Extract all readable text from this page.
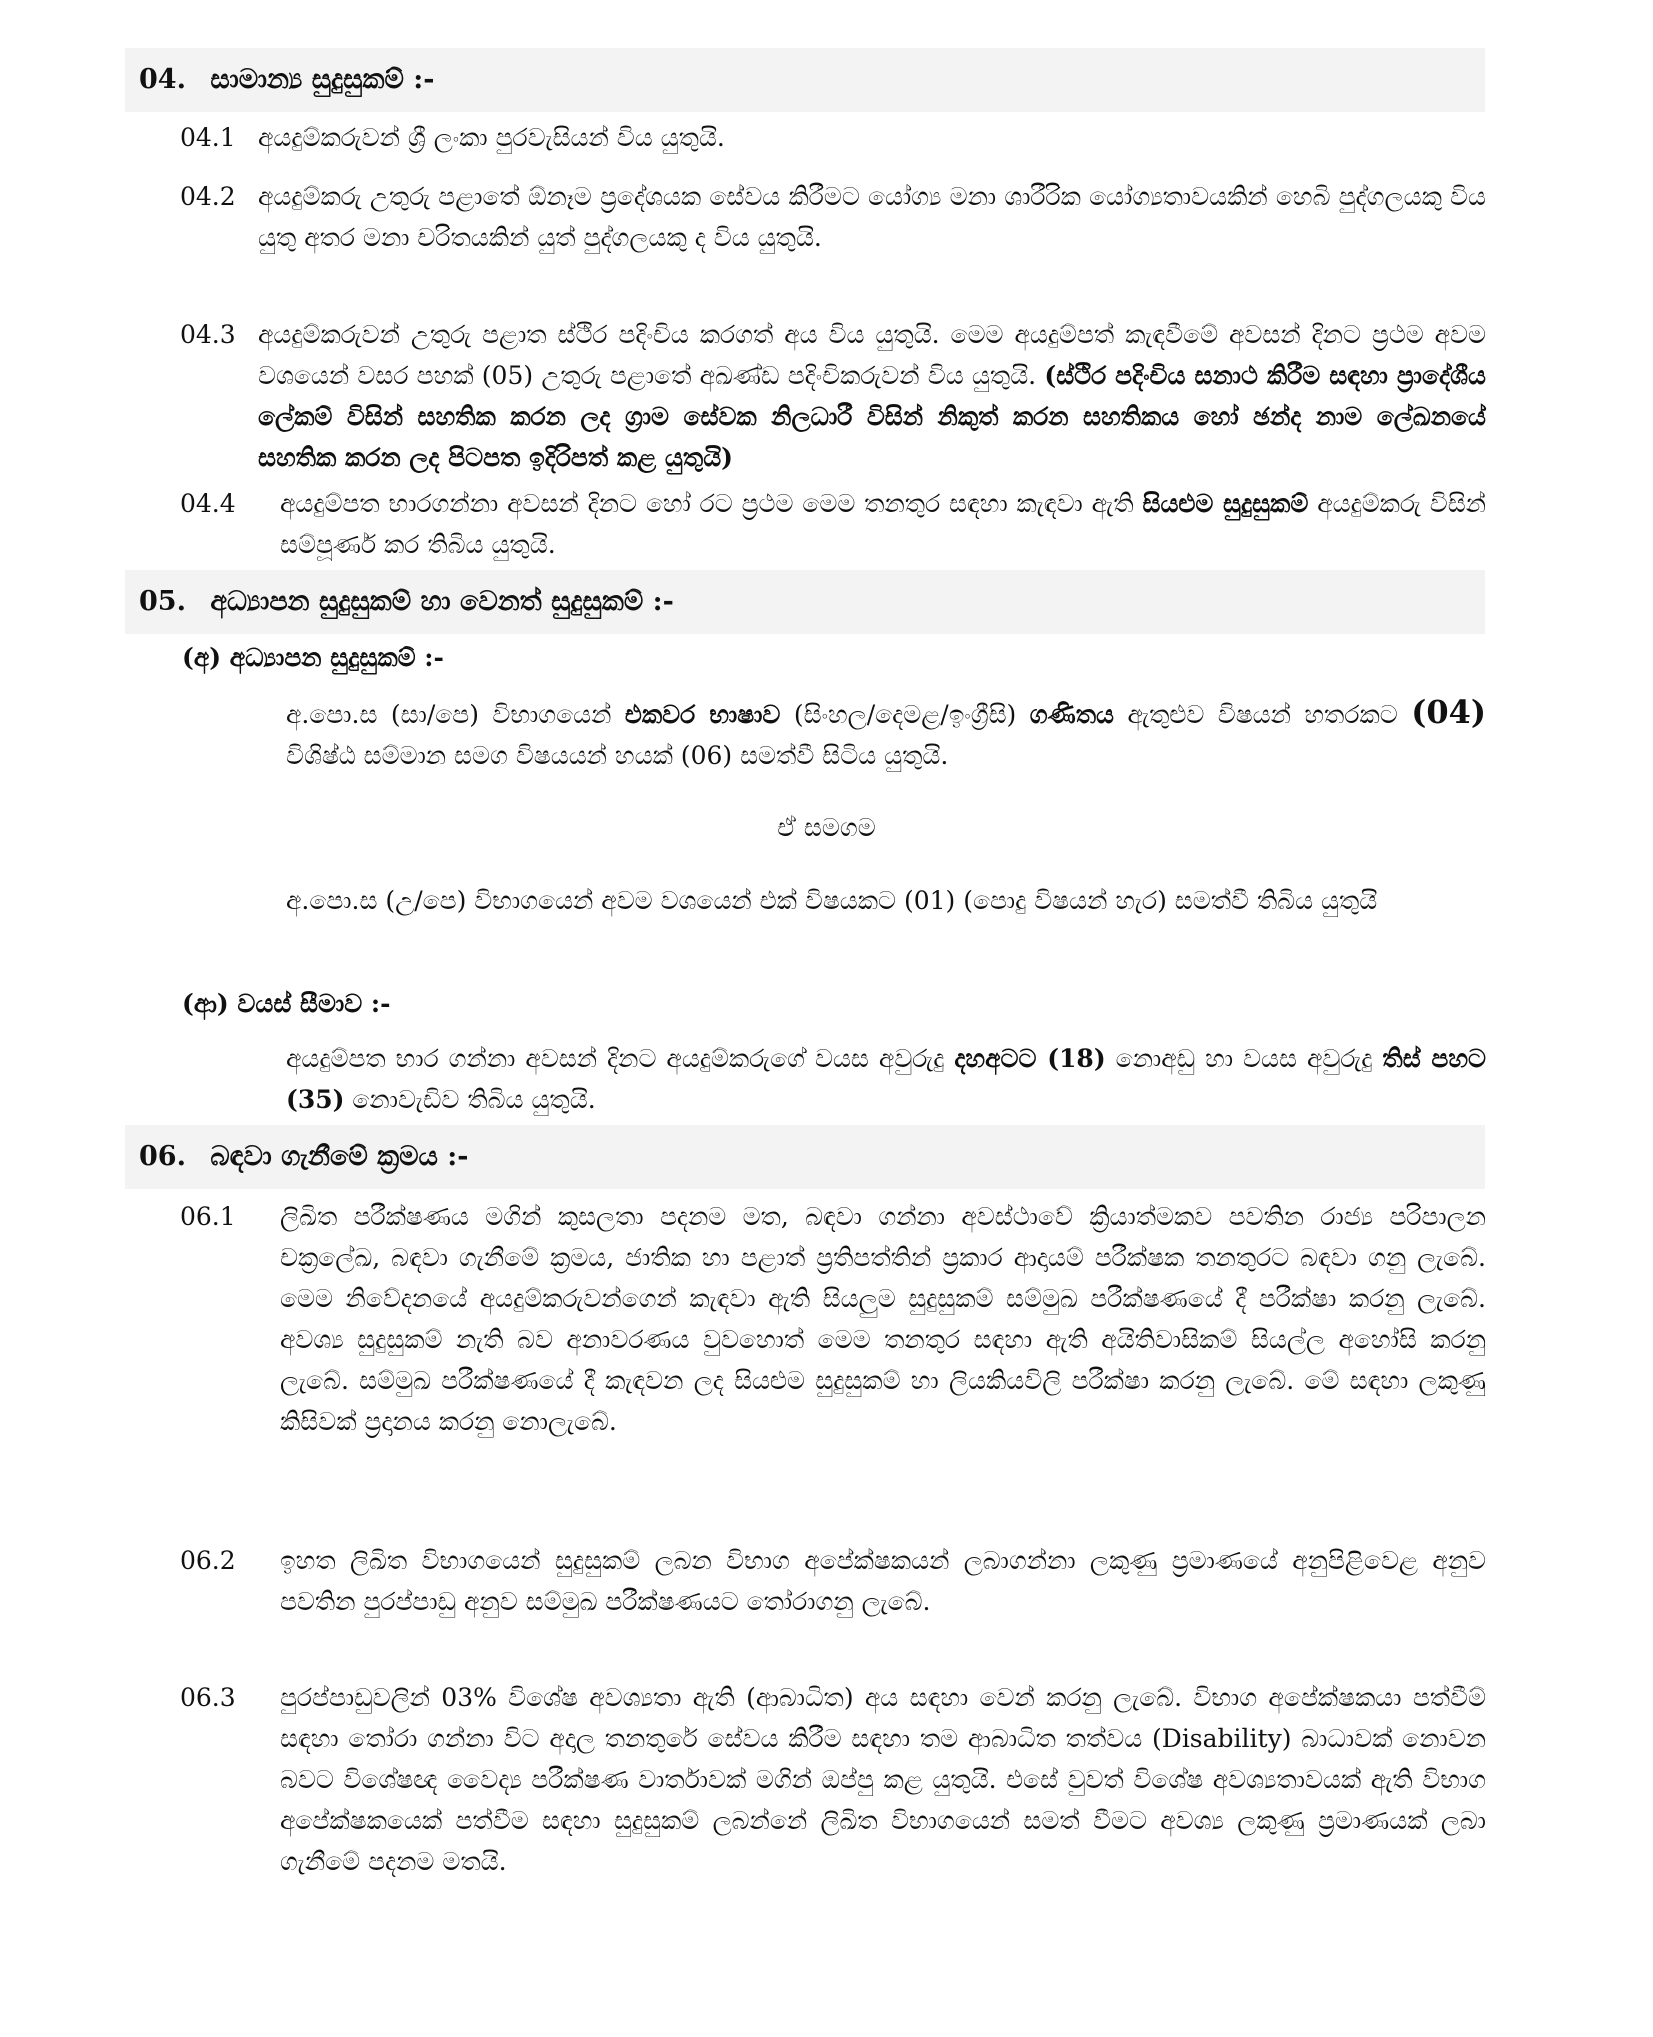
04. සාමාන්‍ය සුදුසුකම් :-
04.1 අයදුම්කරුවන් ශ්‍රී ලංකා පුරවැසියන් විය යුතුයි.
04.2 අයදුම්කරු උතුරු පළාතේ ඕනෑම ප්‍රදේශයක සේවය කිරීමට යෝග්‍ය මනා ශාරීරික යෝග්‍යතාවයකින් හෙබි පුද්ගලයකු විය යුතු අතර මනා චරිතයකින් යුත් පුද්ගලයකු ද විය යුතුයි.
04.3 අයදුම්කරුවන් උතුරු පළාත ස්ථිර පදිංචිය කරගත් අය විය යුතුයි. මෙම අයදුම්පත් කැඳවීමේ අවසන් දිනට ප්‍රථම අවම වශයෙන් වසර පහක් (05) උතුරු පළාතේ අඛණ්ඩ පදිංචිකරුවන් විය යුතුයි. (ස්ථිර පදිංචිය සනාථ කිරීම සඳහා ප්‍රාදේශීය ලේකම් විසින් සහතික කරන ලද ග්‍රාම සේවක නිලධාරී විසින් නිකුත් කරන සහතිකය හෝ ඡන්ද නාම ලේඛනයේ සහතික කරන ලද පිටපත ඉදිරිපත් කළ යුතුයි)
04.4	අයදුම්පත භාරගන්නා අවසන් දිනට හෝ රට ප්‍රථම මෙම තනතුර සඳහා කැඳවා ඇති සියළුම සුදුසුකම් අයදුම්කරු විසින් සම්පූර්ණ කර තිබිය යුතුයි.
05. අධ්‍යාපන සුදුසුකම් හා වෙනත් සුදුසුකම් :-
(අ) අධ්‍යාපන සුදුසුකම් :-
අ.පො.ස (සා/පෙ) විභාගයෙන් එකවර භාෂාව (සිංහල/දෙමළ/ඉංග්‍රීසි) ගණිතය ඇතුළුව විෂයන් හතරකට (04) විශිෂ්ඨ සම්මාන සමග විෂයයන් හයක් (06) සමත්වී සිටිය යුතුයි.
ඒ සමගම
අ.පො.ස (උ/පෙ) විභාගයෙන් අවම වශයෙන් එක් විෂයකට (01) (පොදු විෂයන් හැර) සමත්වී තිබිය යුතුයි
(ආ) වයස් සීමාව :-
අයදුම්පත භාර ගන්නා අවසන් දිනට අයදුම්කරුගේ වයස අවුරුදු දහඅටට (18) නොඅඩු හා වයස අවුරුදු තිස් පහට (35) නොවැඩිව තිබිය යුතුයි.
06. බඳවා ගැනීමේ ක්‍රමය :-
06.1	ලිඛිත පරීක්ෂණය මගින් කුසලතා පදනම මත, බඳවා ගන්නා අවස්ථාවේ ක්‍රියාත්මකව පවතින රාජ්‍ය පරිපාලන චක්‍රලේඛ, බඳවා ගැනීමේ ක්‍රමය, ජාතික හා පළාත් ප්‍රතිපත්තින් ප්‍රකාර ආදායම් පරීක්ෂක තනතුරට බඳවා ගනු ලැබේ. මෙම නිවේදනයේ අයදුම්කරුවන්ගෙන් කැඳවා ඇති සියලුම සුදුසුකම් සම්මුඛ පරීක්ෂණයේ දී පරීක්ෂා කරනු ලැබේ. අවශ්‍ය සුදුසුකම් නැති බව අනාවරණය වුවහොත් මෙම තනතුර සඳහා ඇති අයිතිවාසිකම් සියල්ල අහෝසි කරනු ලැබේ. සම්මුඛ පරීක්ෂණයේ දී කැඳවන ලද සියළුම සුදුසුකම් හා ලියකියවිලි පරීක්ෂා කරනු ලැබේ. මේ සඳහා ලකුණු කිසිවක් ප්‍රදානය කරනු නොලැබේ.
06.2	ඉහත ලිඛිත විභාගයෙන් සුදුසුකම් ලබන විභාග අපේක්ෂකයන් ලබාගන්නා ලකුණු ප්‍රමාණයේ අනුපිළිවෙළ අනුව පවතින පුරප්පාඩු අනුව සම්මුඛ පරීක්ෂණයට තෝරාගනු ලැබේ.
06.3	පුරප්පාඩුවලින් 03% විශේෂ අවශ්‍යතා ඇති (ආබාධිත) අය සඳහා වෙන් කරනු ලැබේ. විභාග අපේක්ෂකයා පත්වීම් සඳහා තෝරා ගන්නා විට අදාල තනතුරේ සේවය කිරීම සඳහා තම ආබාධිත තත්වය (Disability) බාධාවක් නොවන බවට විශේෂඥ වෛද්‍ය පරීක්ෂණ වාර්තාවක් මගින් ඔප්පු කළ යුතුයි. එසේ වුවත් විශේෂ අවශ්‍යතාවයක් ඇති විභාග අපේක්ෂකයෙක් පත්වීම සඳහා සුදුසුකම් ලබන්නේ ලිඛිත විභාගයෙන් සමත් වීමට අවශ්‍ය ලකුණු ප්‍රමාණයක් ලබා ගැනීමේ පදනම මතයි.
